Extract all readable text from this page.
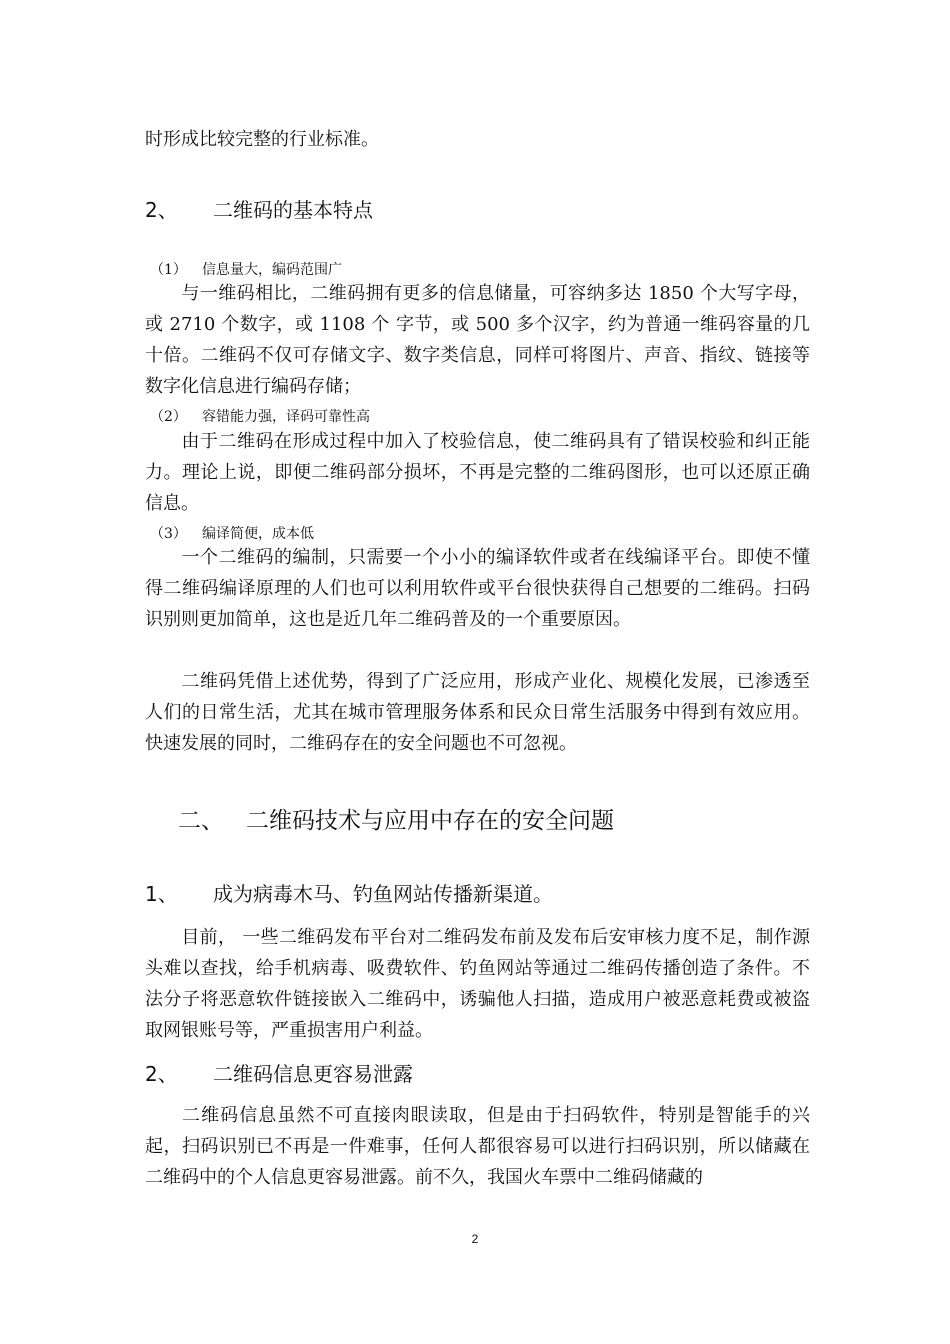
时形成比较完整的行业标准。
2、 二维码的基本特点
（1） 信息量大，编码范围广
与一维码相比，二维码拥有更多的信息储量，可容纳多达 1850 个大写字母，或 2710 个数字，或 1108 个 字节，或 500 多个汉字，约为普通一维码容量的几十倍。二维码不仅可存储文字、数字类信息，同样可将图片、声音、指纹、链接等数字化信息进行编码存储；
（2） 容错能力强，译码可靠性高
由于二维码在形成过程中加入了校验信息，使二维码具有了错误校验和纠正能力。理论上说，即便二维码部分损坏，不再是完整的二维码图形，也可以还原正确信息。
（3） 编译简便，成本低
一个二维码的编制，只需要一个小小的编译软件或者在线编译平台。即使不懂得二维码编译原理的人们也可以利用软件或平台很快获得自己想要的二维码。扫码识别则更加简单，这也是近几年二维码普及的一个重要原因。
二维码凭借上述优势，得到了广泛应用，形成产业化、规模化发展，已渗透至人们的日常生活，尤其在城市管理服务体系和民众日常生活服务中得到有效应用。快速发展的同时，二维码存在的安全问题也不可忽视。
二、 二维码技术与应用中存在的安全问题
1、 成为病毒木马、钓鱼网站传播新渠道。
目前， 一些二维码发布平台对二维码发布前及发布后安审核力度不足，制作源头难以查找，给手机病毒、吸费软件、钓鱼网站等通过二维码传播创造了条件。不法分子将恶意软件链接嵌入二维码中，诱骗他人扫描，造成用户被恶意耗费或被盗取网银账号等，严重损害用户利益。
2、 二维码信息更容易泄露
二维码信息虽然不可直接肉眼读取，但是由于扫码软件，特别是智能手的兴起，扫码识别已不再是一件难事，任何人都很容易可以进行扫码识别，所以储藏在二维码中的个人信息更容易泄露。前不久，我国火车票中二维码储藏的
2
